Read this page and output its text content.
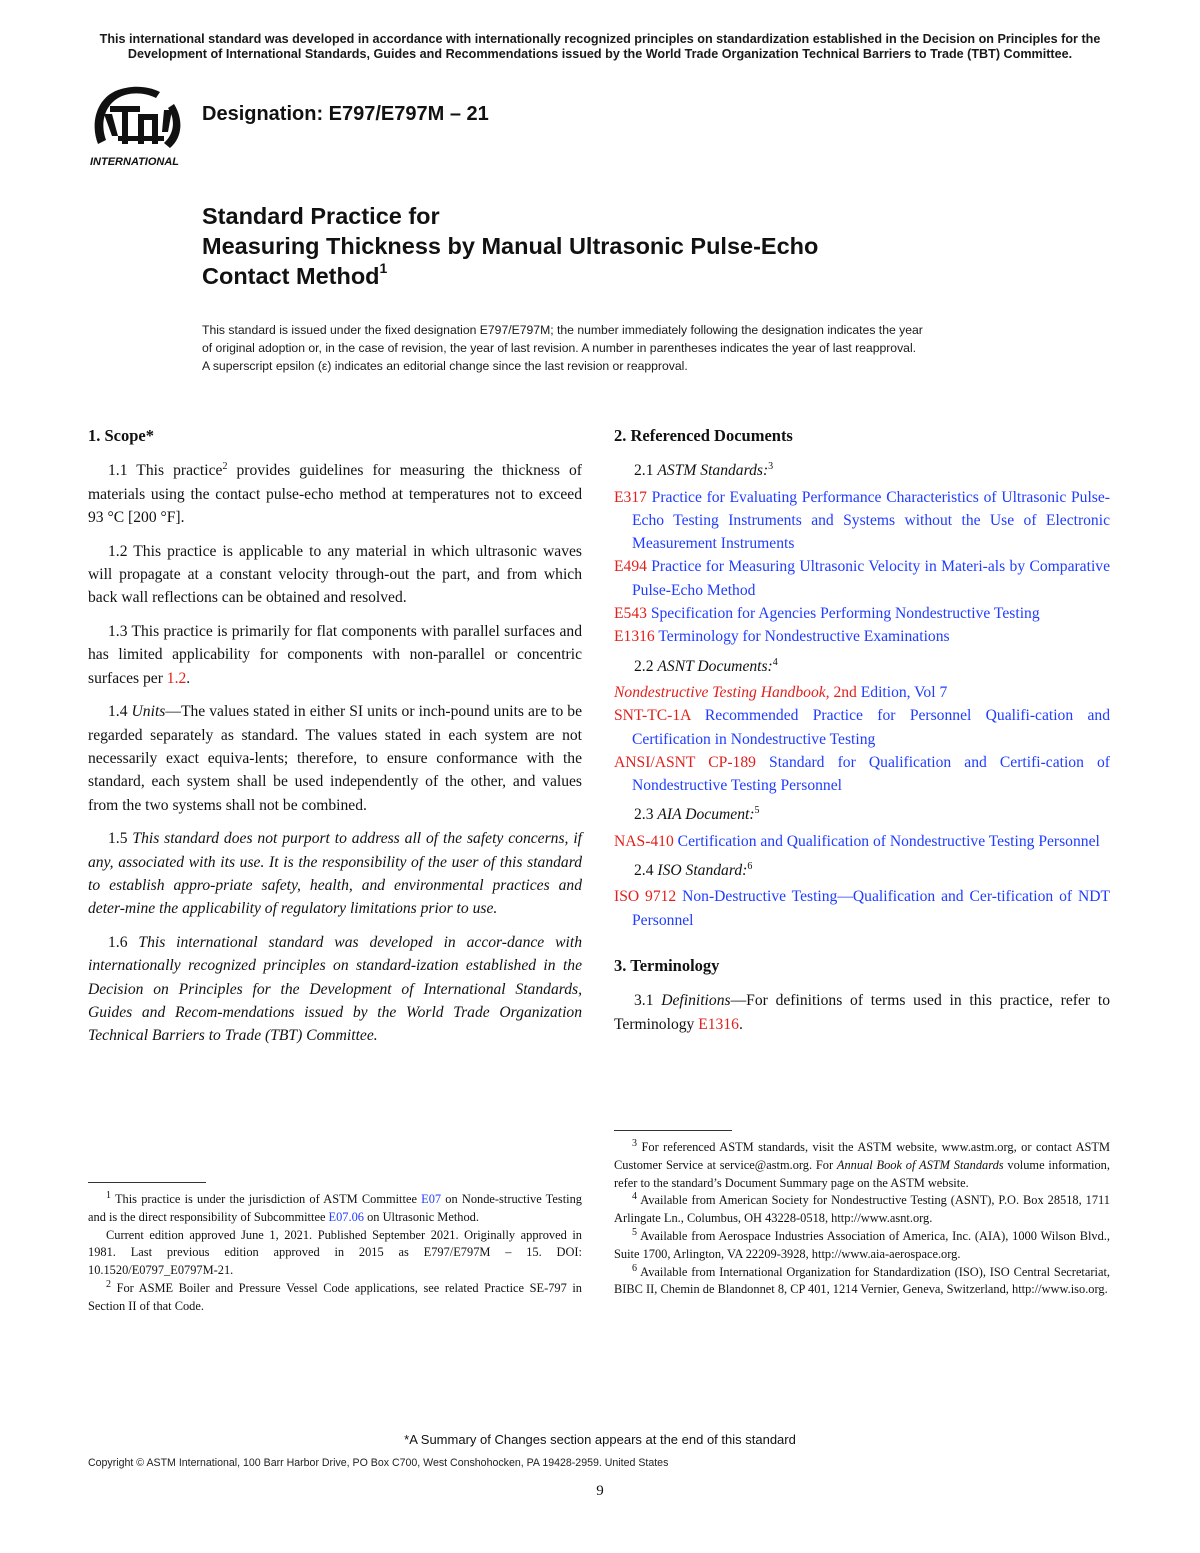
This international standard was developed in accordance with internationally recognized principles on standardization established in the Decision on Principles for the Development of International Standards, Guides and Recommendations issued by the World Trade Organization Technical Barriers to Trade (TBT) Committee.
INTERNATIONAL
Designation: E797/E797M – 21
Standard Practice for
Measuring Thickness by Manual Ultrasonic Pulse-Echo
Contact Method$^1$
This standard is issued under the fixed designation E797/E797M; the number immediately following the designation indicates the year
of original adoption or, in the case of revision, the year of last revision. A number in parentheses indicates the year of last reapproval.
A superscript epsilon (ε) indicates an editorial change since the last revision or reapproval.
1. Scope*

1.1 This practice$^2$ provides guidelines for measuring the thickness of materials using the contact pulse-echo method at temperatures not to exceed 93 °C [200 °F].

1.2 This practice is applicable to any material in which ultrasonic waves will propagate at a constant velocity through-out the part, and from which back wall reflections can be obtained and resolved.

1.3 This practice is primarily for flat components with parallel surfaces and has limited applicability for components with non-parallel or concentric surfaces per 1.2.

1.4 Units—The values stated in either SI units or inch-pound units are to be regarded separately as standard. The values stated in each system are not necessarily exact equiva-lents; therefore, to ensure conformance with the standard, each system shall be used independently of the other, and values from the two systems shall not be combined.

1.5 This standard does not purport to address all of the safety concerns, if any, associated with its use. It is the responsibility of the user of this standard to establish appro-priate safety, health, and environmental practices and deter-mine the applicability of regulatory limitations prior to use.

1.6 This international standard was developed in accor-dance with internationally recognized principles on standard-ization established in the Decision on Principles for the Development of International Standards, Guides and Recom-mendations issued by the World Trade Organization Technical Barriers to Trade (TBT) Committee.

2. Referenced Documents

2.1 ASTM Standards:$^3$

E317 Practice for Evaluating Performance Characteristics of Ultrasonic Pulse-Echo Testing Instruments and Systems without the Use of Electronic Measurement Instruments

E494 Practice for Measuring Ultrasonic Velocity in Materi-als by Comparative Pulse-Echo Method

E543 Specification for Agencies Performing Nondestructive Testing

E1316 Terminology for Nondestructive Examinations

2.2 ASNT Documents:$^4$

Nondestructive Testing Handbook, 2nd Edition, Vol 7

SNT-TC-1A Recommended Practice for Personnel Qualifi-cation and Certification in Nondestructive Testing

ANSI/ASNT CP-189 Standard for Qualification and Certifi-cation of Nondestructive Testing Personnel

2.3 AIA Document:$^5$

NAS-410 Certification and Qualification of Nondestructive Testing Personnel

2.4 ISO Standard:$^6$

ISO 9712 Non-Destructive Testing—Qualification and Cer-tification of NDT Personnel

3. Terminology

3.1 Definitions—For definitions of terms used in this practice, refer to Terminology E1316.

$^1$ This practice is under the jurisdiction of ASTM Committee E07 on Nonde-structive Testing and is the direct responsibility of Subcommittee E07.06 on Ultrasonic Method.

Current edition approved June 1, 2021. Published September 2021. Originally approved in 1981. Last previous edition approved in 2015 as E797/E797M – 15. DOI: 10.1520/E0797_E0797M-21.

$^2$ For ASME Boiler and Pressure Vessel Code applications, see related Practice SE-797 in Section II of that Code.

$^3$ For referenced ASTM standards, visit the ASTM website, www.astm.org, or contact ASTM Customer Service at service@astm.org. For Annual Book of ASTM Standards volume information, refer to the standard’s Document Summary page on the ASTM website.

$^4$ Available from American Society for Nondestructive Testing (ASNT), P.O. Box 28518, 1711 Arlingate Ln., Columbus, OH 43228-0518, http://www.asnt.org.

$^5$ Available from Aerospace Industries Association of America, Inc. (AIA), 1000 Wilson Blvd., Suite 1700, Arlington, VA 22209-3928, http://www.aia-aerospace.org.

$^6$ Available from International Organization for Standardization (ISO), ISO Central Secretariat, BIBC II, Chemin de Blandonnet 8, CP 401, 1214 Vernier, Geneva, Switzerland, http://www.iso.org.

*A Summary of Changes section appears at the end of this standard
Copyright © ASTM International, 100 Barr Harbor Drive, PO Box C700, West Conshohocken, PA 19428-2959. United States
9
